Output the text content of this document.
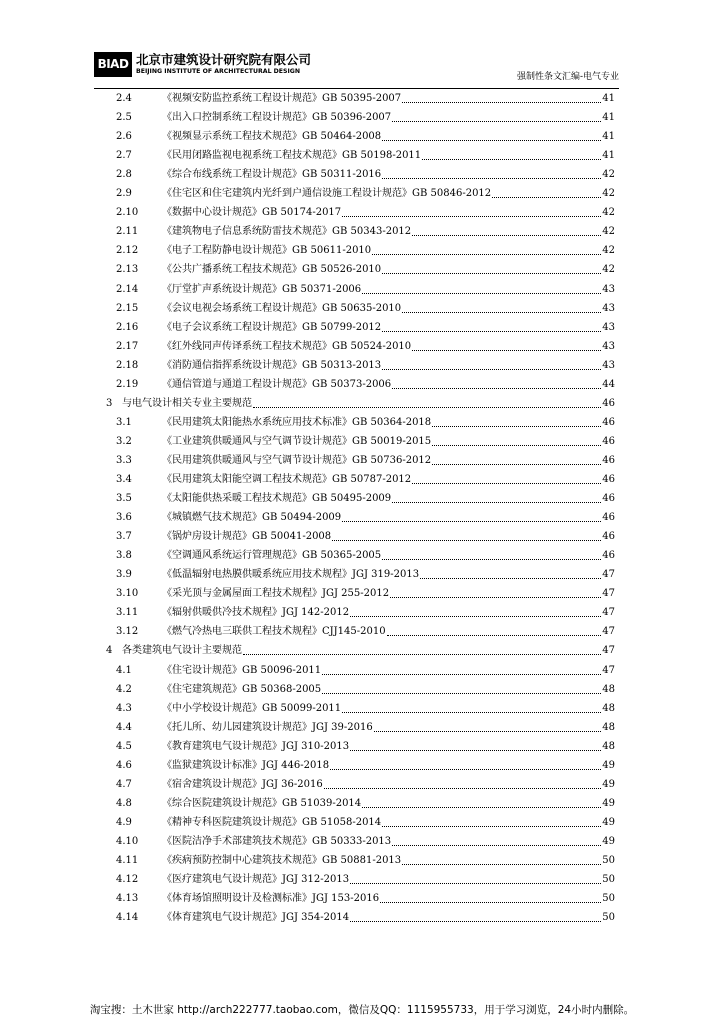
BIAD 北京市建筑设计研究院有限公司
BEIJING INSTITUTE OF ARCHITECTURAL DESIGN
强制性条文汇编-电气专业
2.4	《视频安防监控系统工程设计规范》GB 50395-2007	41
2.5	《出入口控制系统工程设计规范》GB 50396-2007	41
2.6	《视频显示系统工程技术规范》GB 50464-2008	41
2.7	《民用闭路监视电视系统工程技术规范》GB 50198-2011	41
2.8	《综合布线系统工程设计规范》GB 50311-2016	42
2.9	《住宅区和住宅建筑内光纤到户通信设施工程设计规范》GB 50846-2012	42
2.10 《数据中心设计规范》GB 50174-2017	42
2.11 《建筑物电子信息系统防雷技术规范》GB 50343-2012	42
2.12 《电子工程防静电设计规范》GB 50611-2010	42
2.13 《公共广播系统工程技术规范》GB 50526-2010	42
2.14 《厅堂扩声系统设计规范》GB 50371-2006	43
2.15 《会议电视会场系统工程设计规范》GB 50635-2010	43
2.16 《电子会议系统工程设计规范》GB 50799-2012	43
2.17 《红外线同声传译系统工程技术规范》GB 50524-2010	43
2.18 《消防通信指挥系统设计规范》GB 50313-2013	43
2.19 《通信管道与通道工程设计规范》GB 50373-2006	44
3 与电气设计相关专业主要规范	46
3.1	《民用建筑太阳能热水系统应用技术标准》GB 50364-2018	46
3.2	《工业建筑供暖通风与空气调节设计规范》GB 50019-2015	46
3.3	《民用建筑供暖通风与空气调节设计规范》GB 50736-2012	46
3.4	《民用建筑太阳能空调工程技术规范》GB 50787-2012	46
3.5	《太阳能供热采暖工程技术规范》GB 50495-2009	46
3.6	《城镇燃气技术规范》GB 50494-2009	46
3.7	《锅炉房设计规范》GB 50041-2008	46
3.8	《空调通风系统运行管理规范》GB 50365-2005	46
3.9	《低温辐射电热膜供暖系统应用技术规程》JGJ 319-2013	47
3.10 《采光顶与金属屋面工程技术规程》JGJ 255-2012	47
3.11 《辐射供暖供冷技术规程》JGJ 142-2012	47
3.12 《燃气冷热电三联供工程技术规程》CJJ145-2010	47
4 各类建筑电气设计主要规范	47
4.1	《住宅设计规范》GB 50096-2011	47
4.2	《住宅建筑规范》GB 50368-2005	48
4.3	《中小学校设计规范》GB 50099-2011	48
4.4	《托儿所、幼儿园建筑设计规范》JGJ 39-2016	48
4.5	《教育建筑电气设计规范》JGJ 310-2013	48
4.6	《监狱建筑设计标准》JGJ 446-2018	49
4.7	《宿舍建筑设计规范》JGJ 36-2016	49
4.8	《综合医院建筑设计规范》GB 51039-2014	49
4.9	《精神专科医院建筑设计规范》GB 51058-2014	49
4.10 《医院洁净手术部建筑技术规范》GB 50333-2013	49
4.11 《疾病预防控制中心建筑技术规范》GB 50881-2013	50
4.12 《医疗建筑电气设计规范》JGJ 312-2013	50
4.13 《体育场馆照明设计及检测标准》JGJ 153-2016	50
4.14 《体育建筑电气设计规范》JGJ 354-2014	50
淘宝搜：土木世家 http://arch222777.taobao.com，微信及QQ：1115955733，用于学习浏览，24小时内删除。
